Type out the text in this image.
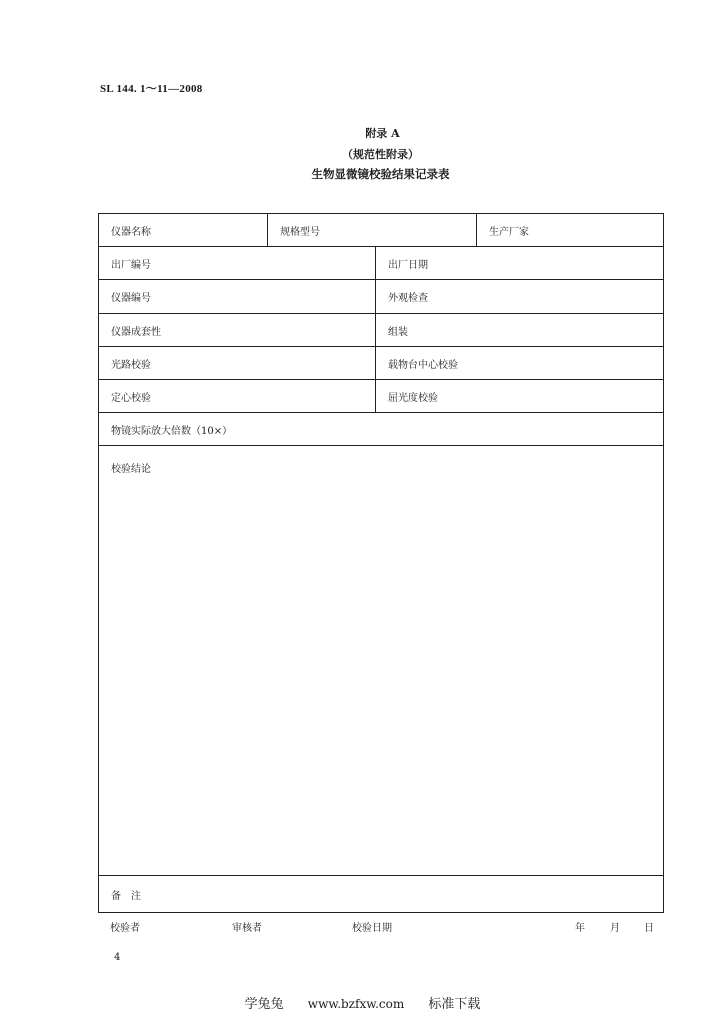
SL 144. 1～11—2008
附录 A
（规范性附录）
生物显微镜校验结果记录表
仪器名称	规格型号	生产厂家
出厂编号	出厂日期
仪器编号	外观检查
仪器成套性	组装
光路校验	载物台中心校验
定心校验	屈光度校验
物镜实际放大倍数（10×）
校验结论
备　注
校验者	审核者	校验日期	年	月 日
4
学兔兔 www.bzfxw.com 标准下载
